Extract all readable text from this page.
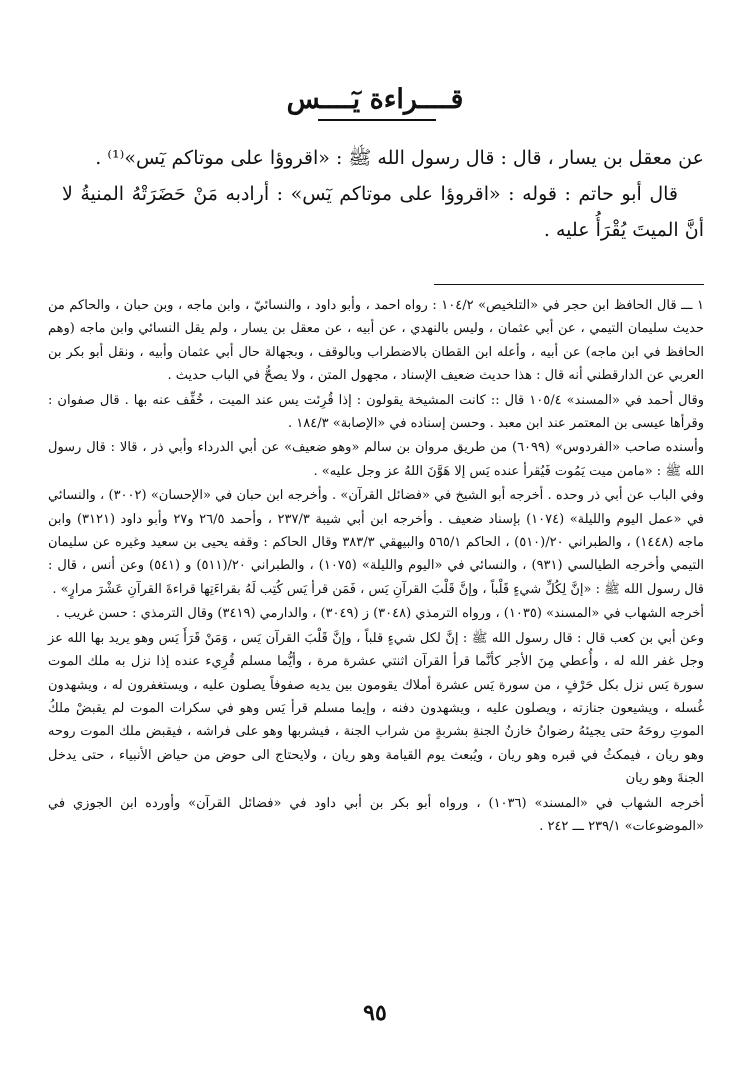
قــــراءة يٓــــس

عن معقل بن يسار ، قال : قال رسول الله ﷺ : «اقروؤا على موتاكم يٓس»⁽¹⁾ .

قال أبو حاتم : قوله : «اقروؤا على موتاكم يٓس» : أرادبه مَنْ حَضَرَتْهُ المنيةُ لا أنَّ الميتَ يُقْرَأُ عليه .

١ ـــ قال الحافظ ابن حجر في «التلخيص» ١٠٤/٢ : رواه احمد ، وأبو داود ، والنسائيّ ، وابن ماجه ، وبن حبان ، والحاكم من حديث سليمان التيمي ، عن أبي عثمان ، وليس بالنهدي ، عن أبيه ، عن معقل بن يسار ، ولم يقل النسائي وابن ماجه (وهم الحافظ في ابن ماجه) عن أبيه ، وأعله ابن القطان بالاضطراب وبالوقف ، وبجهالة حال أبي عثمان وأبيه ، ونقل أبو بكر بن العربي عن الدارقطني أنه قال : هذا حديث ضعيف الإسناد ، مجهول المتن ، ولا يصحُّ في الباب حديث .

وقال أحمد في «المسند» ١٠٥/٤ قال :: كانت المشيخة يقولون : إذا قُرِئت يس عند الميت ، خُفِّف عنه بها . قال صفوان : وقرأها عيسى بن المعتمر عند ابن معبد . وحسن إسناده في «الإصابة» ١٨٤/٣ .

وأسنده صاحب «الفردوس» (٦٠٩٩) من طريق مروان بن سالم «وهو ضعيف» عن أبي الدرداء وأبي ذر ، قالا : قال رسول الله ﷺ : «مامن ميت يَمُوت فَيُقرأ عنده يَس إلا هَوَّنَ اللهُ عز وجل عليه» .

وفي الباب عن أبي ذر وحده . أخرجه أبو الشيخ في «فضائل القرآن» . وأخرجه ابن حبان في «الإحسان» (٣٠٠٢) ، والنسائي في «عمل اليوم والليلة» (١٠٧٤) بإسناد ضعيف . وأخرجه ابن أبي شيبة ٢٣٧/٣ ، وأحمد ٢٦/٥ و٢٧ وأبو داود (٣١٢١) وابن ماجه (١٤٤٨) ، والطبراني ٢٠/(٥١٠) ، الحاكم ٥٦٥/١ والبيهقي ٣٨٣/٣ وقال الحاكم : وقفه يحيى بن سعيد وغيره عن سليمان التيمي وأخرجه الطيالسي (٩٣١) ، والنسائي في «اليوم والليلة» (١٠٧٥) ، والطبراني ٢٠/(٥١١) و (٥٤١) وعن أنس ، قال : قال رسول الله ﷺ : «إنَّ لِكُلِّ شيءٍ قَلْباً ، وإنَّ قَلْبَ القرآنِ يَس ، فَمَن قرأ يَس كُتِب لَهُ بقراءَتِها قراءةَ القرآنِ عَشْرَ مرارٍ» .

أخرجه الشهاب في «المسند» (١٠٣٥) ، ورواه الترمذي (٣٠٤٨) ز (٣٠٤٩) ، والدارمي (٣٤١٩) وقال الترمذي : حسن غريب .

وعن أبي بن كعب قال : قال رسول الله ﷺ : إنَّ لكل شيءٍ قلباً ، وإنَّ قَلْبَ القرآن يَس ، وَمَنْ قَرَأَ يَس وهو يريد بها الله عز وجل غفر الله له ، وأُعطي مِنَ الأجر كأنَّما قرأ القرآن اثنتي عشرة مرة ، وأيُّما مسلم قُرِيء عنده إذا نزل به ملك الموت سورة يَس نزل بكل حَرْفٍ ، من سورة يَس عشرة أملاك يقومون بين يديه صفوفاً يصلون عليه ، ويستغفرون له ، ويشهدون غُسله ، ويشيعون جنازته ، ويصلون عليه ، ويشهدون دفنه ، وإيما مسلم قرأ يَس وهو في سكرات الموت لم يقبضْ ملكُ الموتِ روحَهُ حتى يجيئهُ رضوانُ خازنُ الجنةِ بشربةٍ من شراب الجنة ، فيشربها وهو على فراشه ، فيقبض ملك الموت روحه وهو ريان ، فيمكثُ في قبره وهو ريان ، ويُبعث يوم القيامة وهو ريان ، ولايحتاج الى حوض من حياض الأنبياء ، حتى يدخل الجنةَ وهو ريان

أخرجه الشهاب في «المسند» (١٠٣٦) ، ورواه أبو بكر بن أبي داود في «فضائل القرآن» وأورده ابن الجوزي في «الموضوعات» ٢٣٩/١ ـــ ٢٤٢ .

٩٥
